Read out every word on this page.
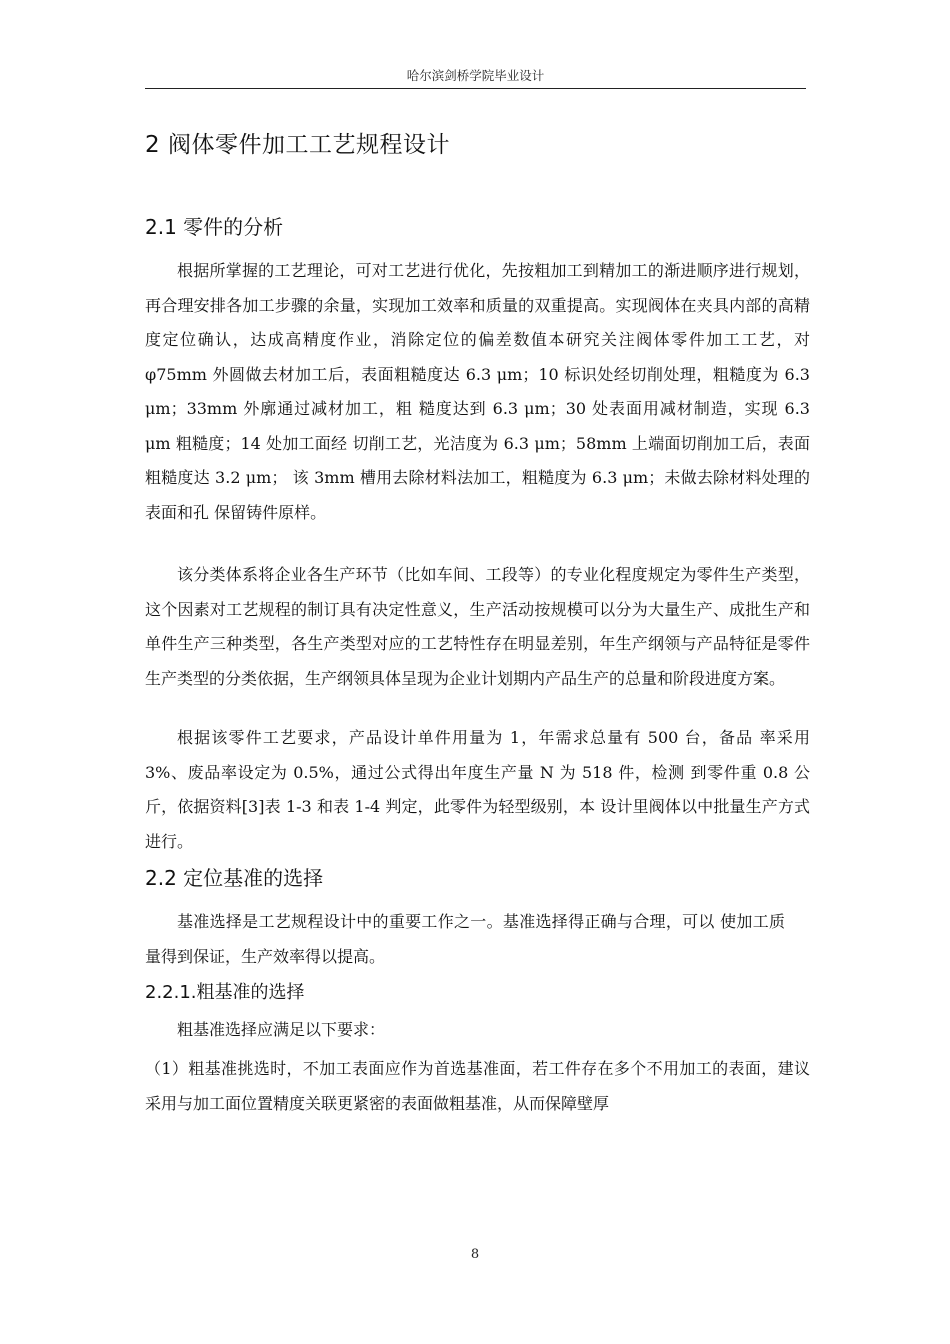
哈尔滨剑桥学院毕业设计
2 阀体零件加工工艺规程设计
2.1 零件的分析

根据所掌握的工艺理论，可对工艺进行优化，先按粗加工到精加工的渐进顺序进行规划，再合理安排各加工步骤的余量，实现加工效率和质量的双重提高。实现阀体在夹具内部的高精度定位确认，达成高精度作业，消除定位的偏差数值本研究关注阀体零件加工工艺，对 φ75mm 外圆做去材加工后，表面粗糙度达 6.3 μm；10 标识处经切削处理，粗糙度为 6.3 μm；33mm 外廓通过减材加工，粗 糙度达到 6.3 μm；30 处表面用减材制造，实现 6.3 μm 粗糙度；14 处加工面经 切削工艺，光洁度为 6.3 μm；58mm 上端面切削加工后，表面粗糙度达 3.2 μm； 该 3mm 槽用去除材料法加工，粗糙度为 6.3 μm；未做去除材料处理的表面和孔 保留铸件原样。

该分类体系将企业各生产环节（比如车间、工段等）的专业化程度规定为零件生产类型，这个因素对工艺规程的制订具有决定性意义，生产活动按规模可以分为大量生产、成批生产和单件生产三种类型，各生产类型对应的工艺特性存在明显差别，年生产纲领与产品特征是零件生产类型的分类依据，生产纲领具体呈现为企业计划期内产品生产的总量和阶段进度方案。

根据该零件工艺要求，产品设计单件用量为 1，年需求总量有 500 台，备品 率采用 3%、废品率设定为 0.5%，通过公式得出年度生产量 N 为 518 件，检测 到零件重 0.8 公斤，依据资料[3]表 1-3 和表 1-4 判定，此零件为轻型级别，本 设计里阀体以中批量生产方式进行。

2.2 定位基准的选择

基准选择是工艺规程设计中的重要工作之一。基准选择得正确与合理，可以 使加工质量得到保证，生产效率得以提高。

2.2.1.粗基准的选择

粗基准选择应满足以下要求：

（1）粗基准挑选时，不加工表面应作为首选基准面，若工件存在多个不用加工的表面，建议采用与加工面位置精度关联更紧密的表面做粗基准，从而保障壁厚

8
